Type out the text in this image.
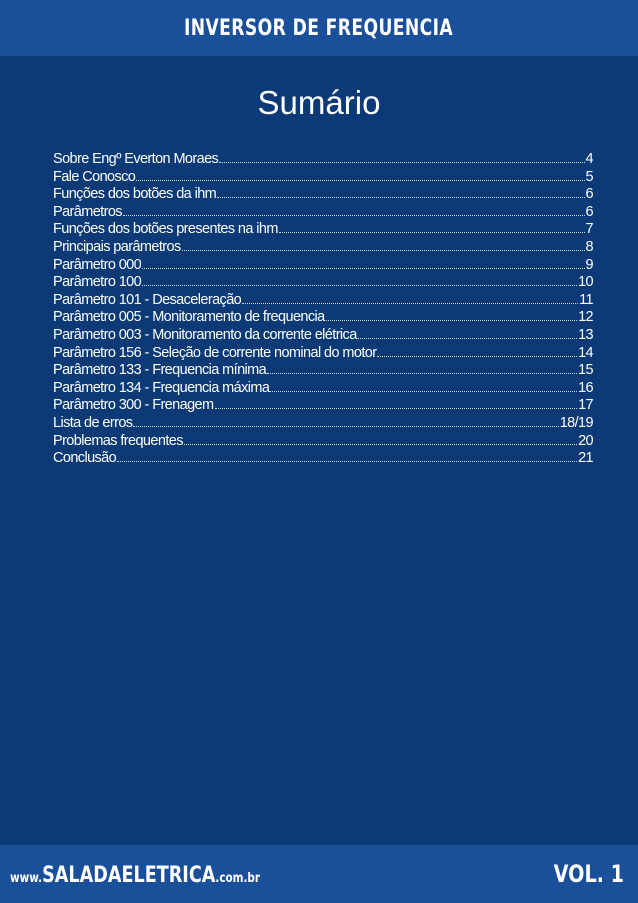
INVERSOR DE FREQUENCIA
Sumário
Sobre Engº Everton Moraes	4
Fale Conosco	5
Funções dos botões da ihm	6
Parâmetros	6
Funções dos botões presentes na ihm	7
Principais parâmetros	8
Parâmetro 000	9
Parâmetro 100	10
Parâmetro 101 - Desaceleração	11
Parâmetro 005 - Monitoramento de frequencia	12
Parâmetro 003 - Monitoramento da corrente elétrica	13
Parâmetro 156 - Seleção de corrente nominal do motor	14
Parâmetro 133 - Frequencia mínima	15
Parâmetro 134 - Frequencia máxima	16
Parâmetro 300 - Frenagem	17
Lista de erros	18/19
Problemas frequentes	20
Conclusão	21
www.SALADAELETRICA.com.br	VOL. 1
